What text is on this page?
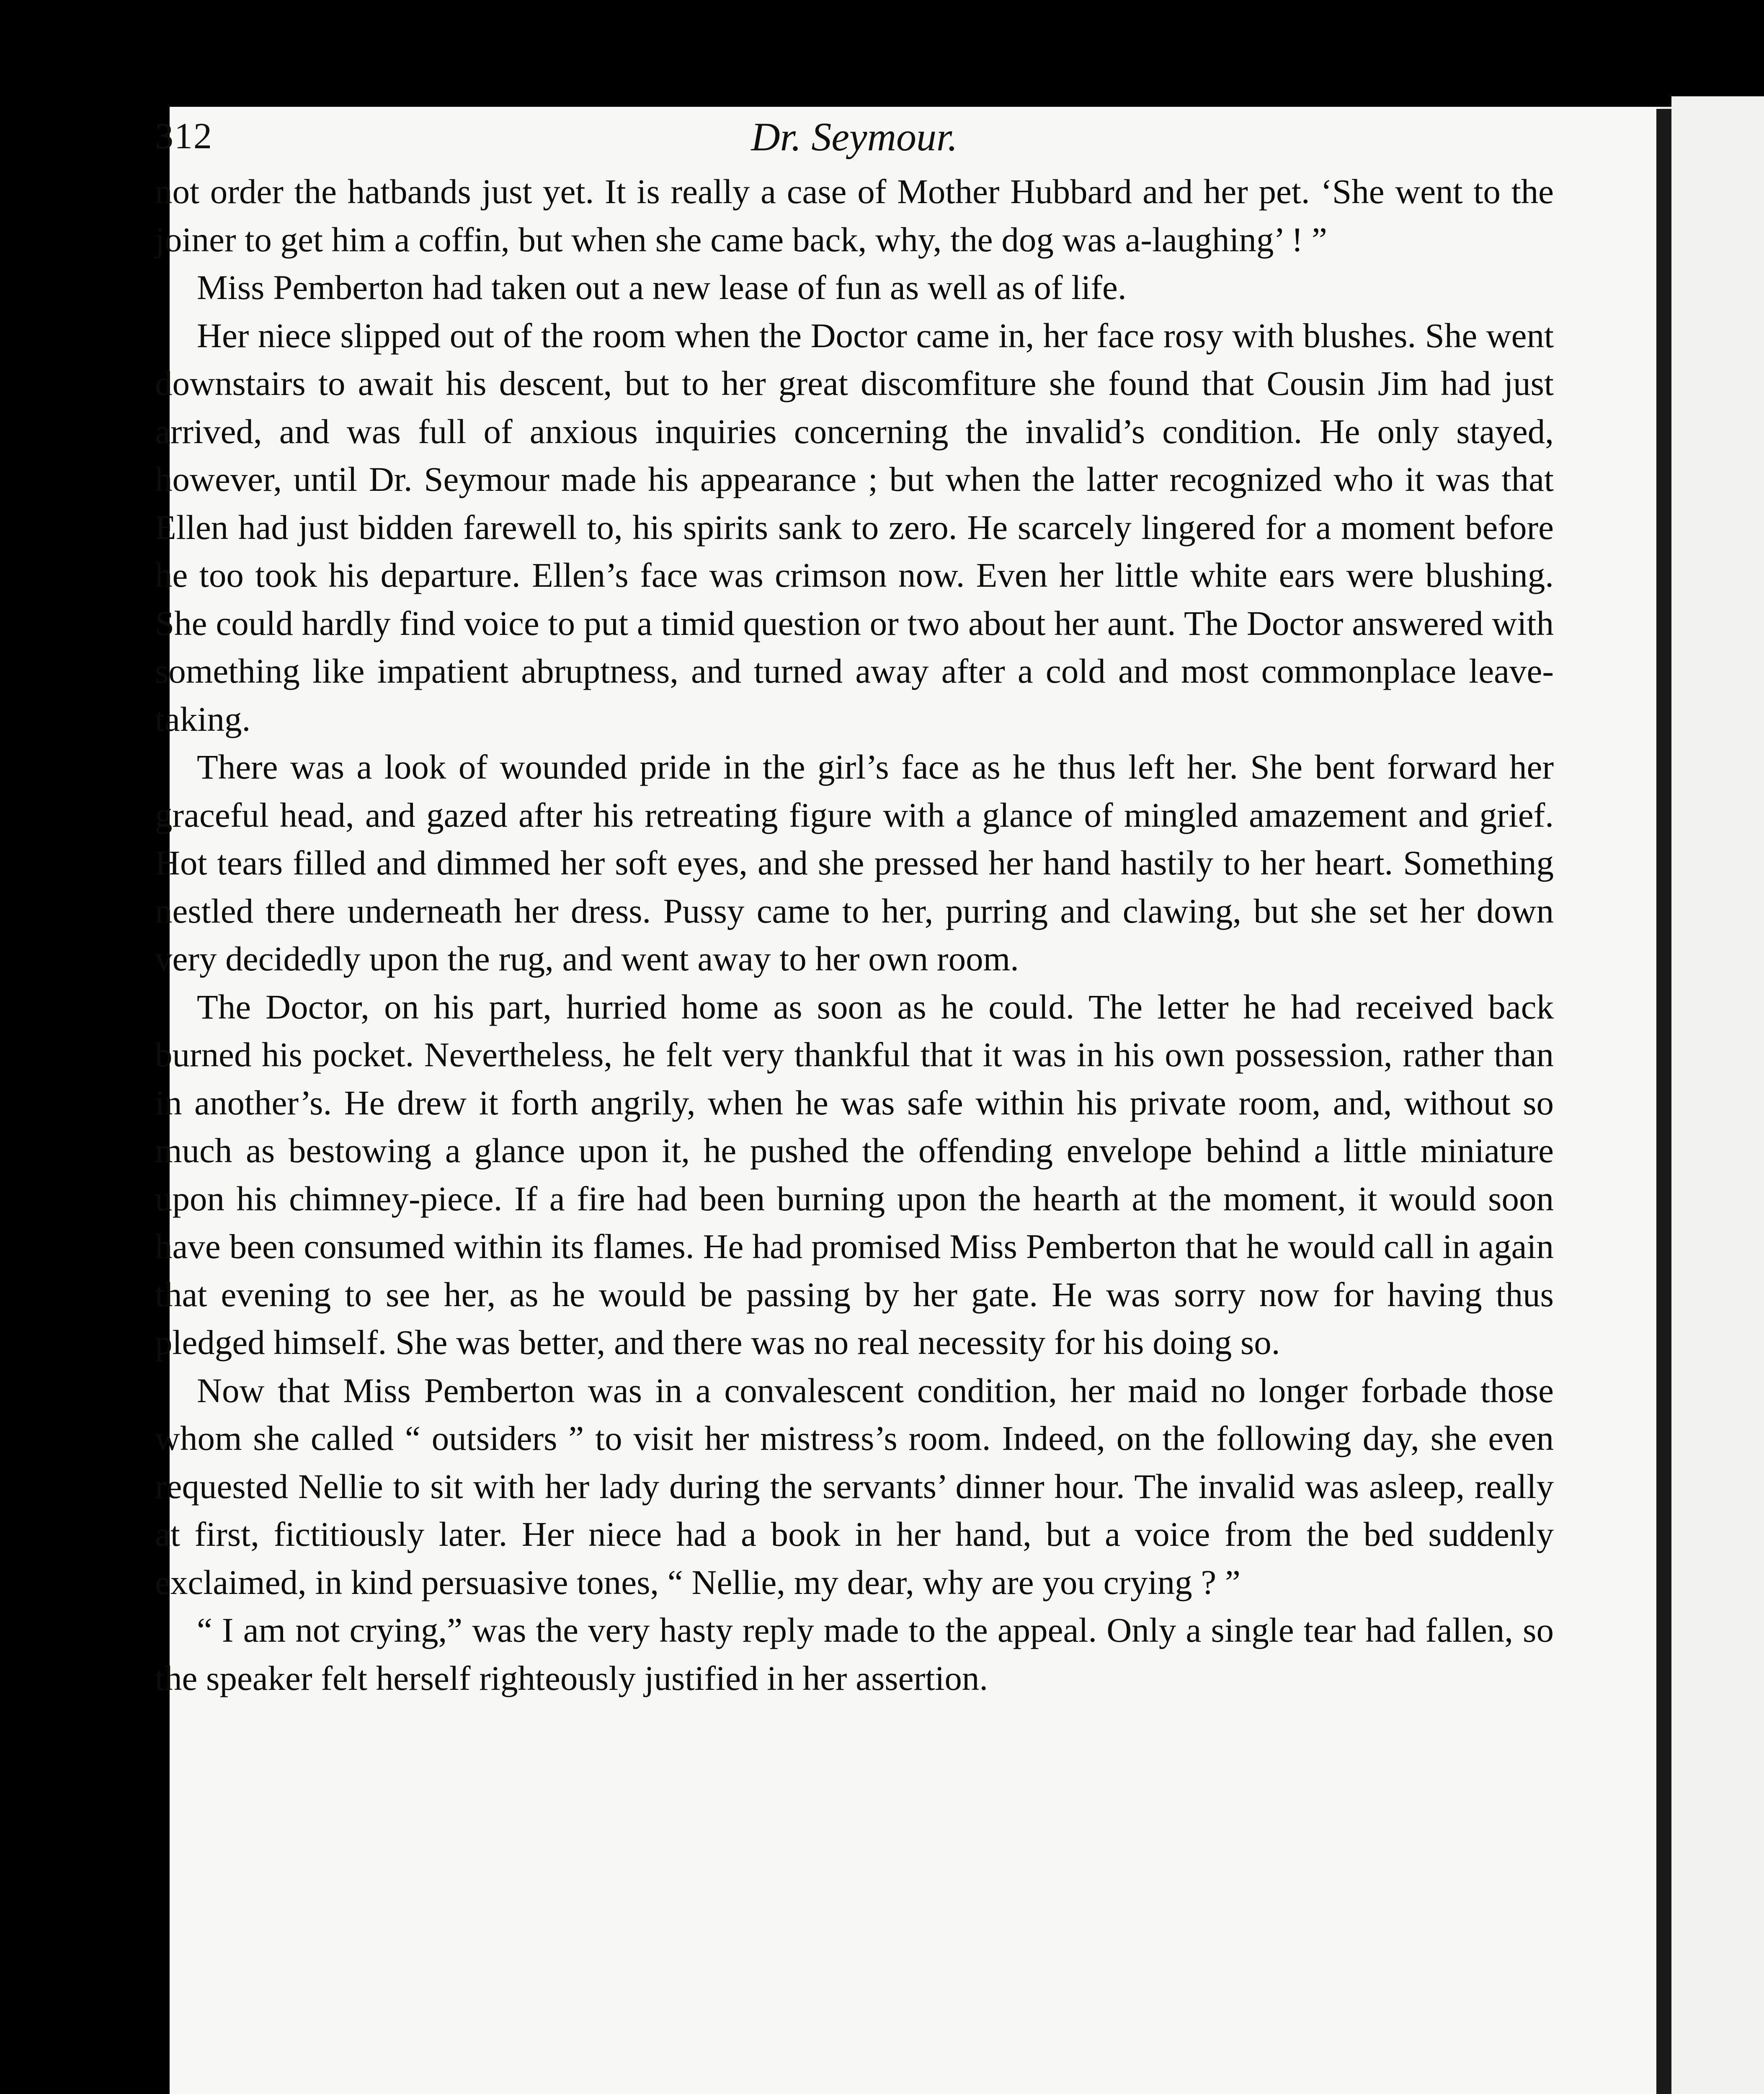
312	Dr. Seymour.

not order the hatbands just yet. It is really a case of Mother Hubbard and her pet. ‘She went to the joiner to get him a coffin, but when she came back, why, the dog was a-laughing’ ! ”

Miss Pemberton had taken out a new lease of fun as well as of life.

Her niece slipped out of the room when the Doctor came in, her face rosy with blushes. She went downstairs to await his descent, but to her great discomfiture she found that Cousin Jim had just arrived, and was full of anxious inquiries concerning the invalid’s condition. He only stayed, however, until Dr. Seymour made his appearance ; but when the latter recognized who it was that Ellen had just bidden farewell to, his spirits sank to zero. He scarcely lingered for a moment before he too took his departure. Ellen’s face was crimson now. Even her little white ears were blushing. She could hardly find voice to put a timid question or two about her aunt. The Doctor answered with something like impatient abruptness, and turned away after a cold and most commonplace leave-taking.

There was a look of wounded pride in the girl’s face as he thus left her. She bent forward her graceful head, and gazed after his retreating figure with a glance of mingled amazement and grief. Hot tears filled and dimmed her soft eyes, and she pressed her hand hastily to her heart. Something nestled there underneath her dress. Pussy came to her, purring and clawing, but she set her down very decidedly upon the rug, and went away to her own room.

The Doctor, on his part, hurried home as soon as he could. The letter he had received back burned his pocket. Nevertheless, he felt very thankful that it was in his own possession, rather than in another’s. He drew it forth angrily, when he was safe within his private room, and, without so much as bestowing a glance upon it, he pushed the offending envelope behind a little miniature upon his chimney-piece. If a fire had been burning upon the hearth at the moment, it would soon have been consumed within its flames. He had promised Miss Pemberton that he would call in again that evening to see her, as he would be passing by her gate. He was sorry now for having thus pledged himself. She was better, and there was no real necessity for his doing so.

Now that Miss Pemberton was in a convalescent condition, her maid no longer forbade those whom she called “ outsiders ” to visit her mistress’s room. Indeed, on the following day, she even requested Nellie to sit with her lady during the servants’ dinner hour. The invalid was asleep, really at first, fictitiously later. Her niece had a book in her hand, but a voice from the bed suddenly exclaimed, in kind persuasive tones, “ Nellie, my dear, why are you crying ? ”

“ I am not crying,” was the very hasty reply made to the appeal. Only a single tear had fallen, so the speaker felt herself righteously justified in her assertion.
